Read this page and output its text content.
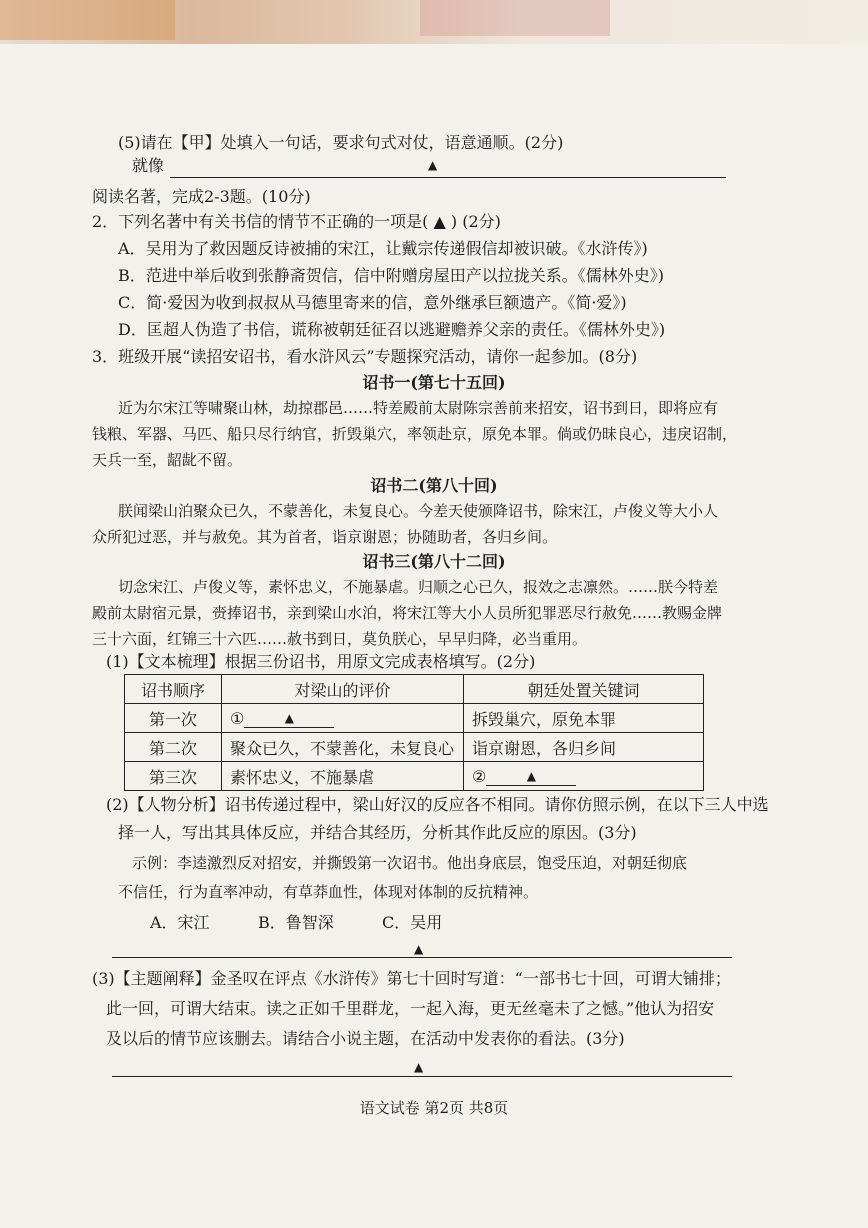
(5)请在【甲】处填入一句话，要求句式对仗，语意通顺。(2分)
就像	▲
阅读名著，完成2-3题。(10分)
2．下列名著中有关书信的情节不正确的一项是( ▲ ) (2分)
A．吴用为了救因题反诗被捕的宋江，让戴宗传递假信却被识破。《水浒传》)
B．范进中举后收到张静斋贺信，信中附赠房屋田产以拉拢关系。《儒林外史》)
C．简·爱因为收到叔叔从马德里寄来的信，意外继承巨额遗产。《简·爱》)
D．匡超人伪造了书信，谎称被朝廷征召以逃避赡养父亲的责任。《儒林外史》)
3．班级开展“读招安诏书，看水浒风云”专题探究活动，请你一起参加。(8分)
诏书一(第七十五回)
近为尔宋江等啸聚山林，劫掠郡邑……特差殿前太尉陈宗善前来招安，诏书到日，即将应有
钱粮、军器、马匹、船只尽行纳官，折毁巢穴，率领赴京，原免本罪。倘或仍昧良心，违戾诏制，
天兵一至，龆龀不留。
诏书二(第八十回)
朕闻梁山泊聚众已久，不蒙善化，未复良心。今差天使颁降诏书，除宋江，卢俊义等大小人
众所犯过恶，并与赦免。其为首者，诣京谢恩；协随助者，各归乡间。
诏书三(第八十二回)
切念宋江、卢俊义等，素怀忠义，不施暴虐。归顺之心已久，报效之志凛然。……朕今特差
殿前太尉宿元景，赍捧诏书，亲到梁山水泊，将宋江等大小人员所犯罪恶尽行赦免……教赐金牌
三十六面，红锦三十六匹……赦书到日，莫负朕心，早早归降，必当重用。
(1)【文本梳理】根据三份诏书，用原文完成表格填写。(2分)
诏书顺序	对梁山的评价	朝廷处置关键词
第一次	① ▲	拆毁巢穴，原免本罪
第二次	聚众已久，不蒙善化，未复良心	诣京谢恩，各归乡间
第三次	素怀忠义，不施暴虐	② ▲
(2)【人物分析】诏书传递过程中，梁山好汉的反应各不相同。请你仿照示例，在以下三人中选
择一人，写出其具体反应，并结合其经历，分析其作此反应的原因。(3分)
示例：李逵激烈反对招安，并撕毁第一次诏书。他出身底层，饱受压迫，对朝廷彻底
不信任，行为直率冲动，有草莽血性，体现对体制的反抗精神。
A．宋江	B．鲁智深	C．吴用
▲
(3)【主题阐释】金圣叹在评点《水浒传》第七十回时写道：“一部书七十回，可谓大铺排；
此一回，可谓大结束。读之正如千里群龙，一起入海，更无丝毫未了之憾。”他认为招安
及以后的情节应该删去。请结合小说主题，在活动中发表你的看法。(3分)
▲
语文试卷 第2页 共8页
